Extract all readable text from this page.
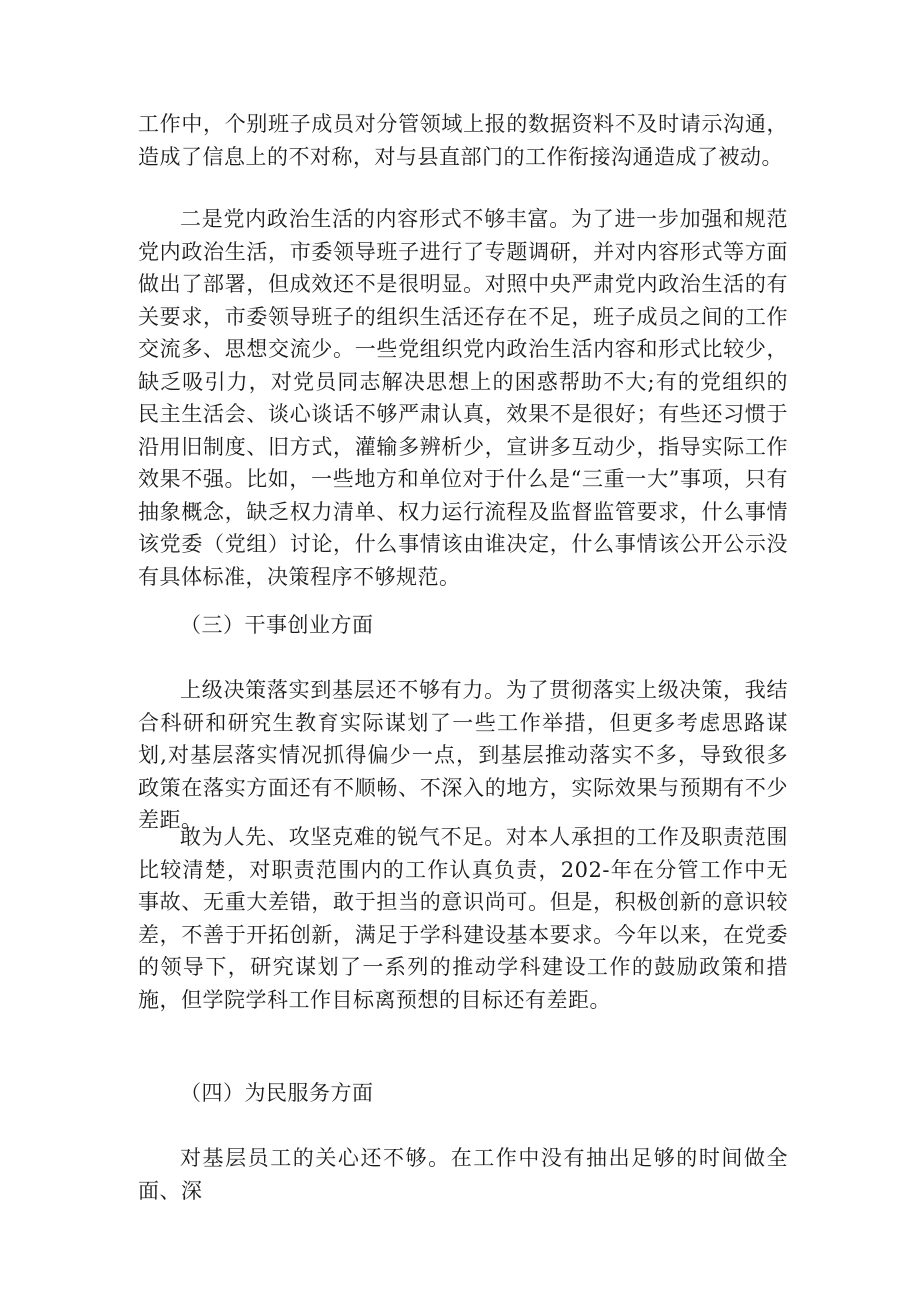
工作中，个别班子成员对分管领域上报的数据资料不及时请示沟通，造成了信息上的不对称，对与县直部门的工作衔接沟通造成了被动。

二是党内政治生活的内容形式不够丰富。为了进一步加强和规范党内政治生活，市委领导班子进行了专题调研，并对内容形式等方面做出了部署，但成效还不是很明显。对照中央严肃党内政治生活的有关要求，市委领导班子的组织生活还存在不足，班子成员之间的工作交流多、思想交流少。一些党组织党内政治生活内容和形式比较少，缺乏吸引力，对党员同志解决思想上的困惑帮助不大;有的党组织的民主生活会、谈心谈话不够严肃认真，效果不是很好；有些还习惯于沿用旧制度、旧方式，灌输多辨析少，宣讲多互动少，指导实际工作效果不强。比如，一些地方和单位对于什么是“三重一大”事项，只有抽象概念，缺乏权力清单、权力运行流程及监督监管要求，什么事情该党委（党组）讨论，什么事情该由谁决定，什么事情该公开公示没有具体标准，决策程序不够规范。

（三）干事创业方面

上级决策落实到基层还不够有力。为了贯彻落实上级决策，我结合科研和研究生教育实际谋划了一些工作举措，但更多考虑思路谋划,对基层落实情况抓得偏少一点，到基层推动落实不多，导致很多政策在落实方面还有不顺畅、不深入的地方，实际效果与预期有不少差距。

敢为人先、攻坚克难的锐气不足。对本人承担的工作及职责范围比较清楚，对职责范围内的工作认真负责，202-年在分管工作中无事故、无重大差错，敢于担当的意识尚可。但是，积极创新的意识较差，不善于开拓创新，满足于学科建设基本要求。今年以来，在党委的领导下，研究谋划了一系列的推动学科建设工作的鼓励政策和措施，但学院学科工作目标离预想的目标还有差距。

（四）为民服务方面

对基层员工的关心还不够。在工作中没有抽出足够的时间做全面、深
